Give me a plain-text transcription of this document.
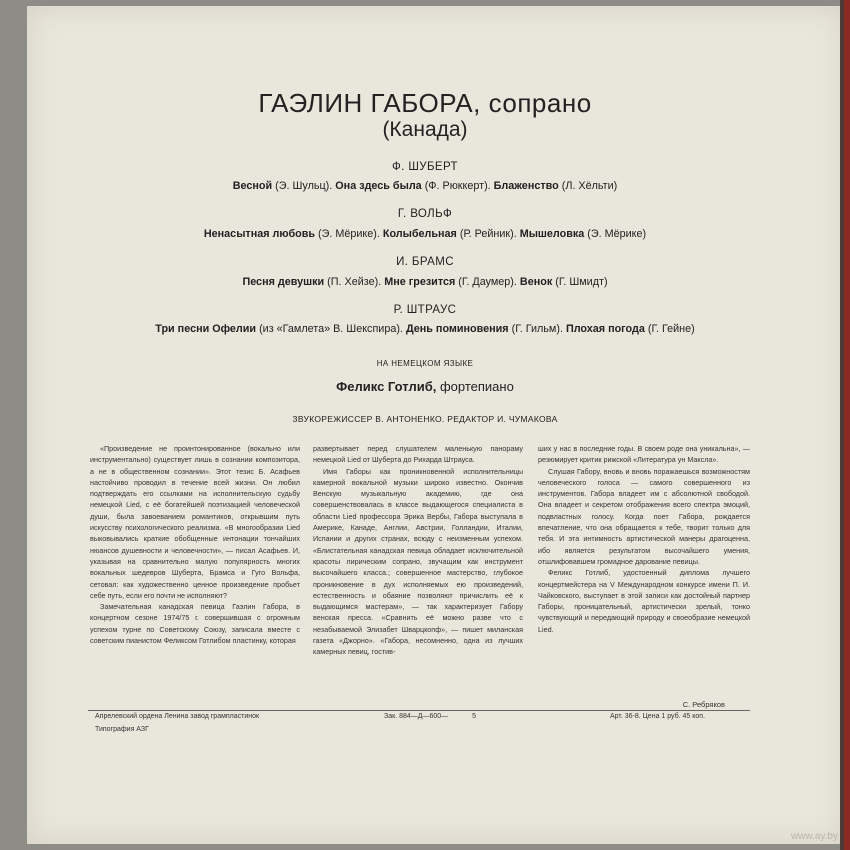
ГАЭЛИН ГАБОРА, сопрано
(Канада)
Ф. ШУБЕРТ
Весной (Э. Шульц). Она здесь была (Ф. Рюккерт). Блаженство (Л. Хёльти)
Г. ВОЛЬФ
Ненасытная любовь (Э. Мёрике). Колыбельная (Р. Рейник). Мышеловка (Э. Мёрике)
И. БРАМС
Песня девушки (П. Хейзе). Мне грезится (Г. Даумер). Венок (Г. Шмидт)
Р. ШТРАУС
Три песни Офелии (из «Гамлета» В. Шекспира). День поминовения (Г. Гильм). Плохая погода (Г. Гейне)
НА НЕМЕЦКОМ ЯЗЫКЕ
Феликс Готлиб, фортепиано
ЗВУКОРЕЖИССЕР В. АНТОНЕНКО. РЕДАКТОР И. ЧУМАКОВА

«Произведение не проинтонированное (вокально или инструментально) существует лишь в сознании композитора, а не в общественном сознании». Этот тезис Б. Асафьев настойчиво проводил в течение всей жизни. Он любил подтверждать его ссылками на исполнительскую судьбу немецкой Lied, с её богатейшей поэтизацией человеческой души, была завоеванием романтиков, открывшим путь искусству психологического реализма. «В многообразии Lied выковывались краткие обобщенные интонации тончайших нюансов душевности и человечности», — писал Асафьев. И, указывая на сравнительно малую популярность многих вокальных шедевров Шуберта, Брамса и Гуго Вольфа, сетовал: как художественно ценное произведение пробьет себе путь, если его почти не исполняют?

Замечательная канадская певица Гаэлин Габора, в концертном сезоне 1974/75 г. совершившая с огромным успехом турне по Советскому Союзу, записала вместе с советским пианистом Феликсом Готлибом пластинку, которая

развертывает перед слушателем маленькую панораму немецкой Lied от Шуберта до Рихарда Штрауса.

Имя Габоры как проникновенной исполнительницы камерной вокальной музыки широко известно. Окончив Венскую музыкальную академию, где она совершенствовалась в классе выдающегося специалиста в области Lied профессора Эрика Вербы, Габора выступала в Америке, Канаде, Англии, Австрии, Голландии, Италии, Испании и других странах, всюду с неизменным успехом. «Блистательная канадская певица обладает исключительной красоты лирическим сопрано, звучащим как инструмент высочайшего класса.; совершенное мастерство, глубокое проникновение в дух исполняемых ею произведений, естественность и обаяние позволяют причислить её к выдающимся мастерам», — так характеризует Габору венская пресса. «Сравнить её можно разве что с незабываемой Элизабет Шварцкопф», — пишет миланская газета «Джорно». «Габора, несомненно, одна из лучших камерных певиц, гостив-

ших у нас в последние годы. В своем роде она уникальна», — резюмирует критик рижской «Литература ун Максла».

Слушая Габору, вновь и вновь поражаешься возможностям человеческого голоса — самого совершенного из инструментов. Габора владеет им с абсолютной свободой. Она владеет и секретом отображения всего спектра эмоций, подвластных голосу. Когда поет Габора, рождается впечатление, что она обращается к тебе, творит только для тебя. И эта интимность артистической манеры драгоценна, ибо является результатом высочайшего умения, отшлифовавшем громадное дарование певицы.

Феликс Готлиб, удостоенный диплома лучшего концертмейстера на V Международном конкурсе имени П. И. Чайковского, выступает в этой записи как достойный партнер Габоры, проницательный, артистически зрелый, тонко чувствующий и передающий природу и своеобразие немецкой Lied.

С. Ребряков
Апрелевский ордена Ленина завод грампластинок
Типография АЗГ
Зак. 884—Д—600—	5	Арт. 36-8. Цена 1 руб. 45 коп.
www.ay.by
